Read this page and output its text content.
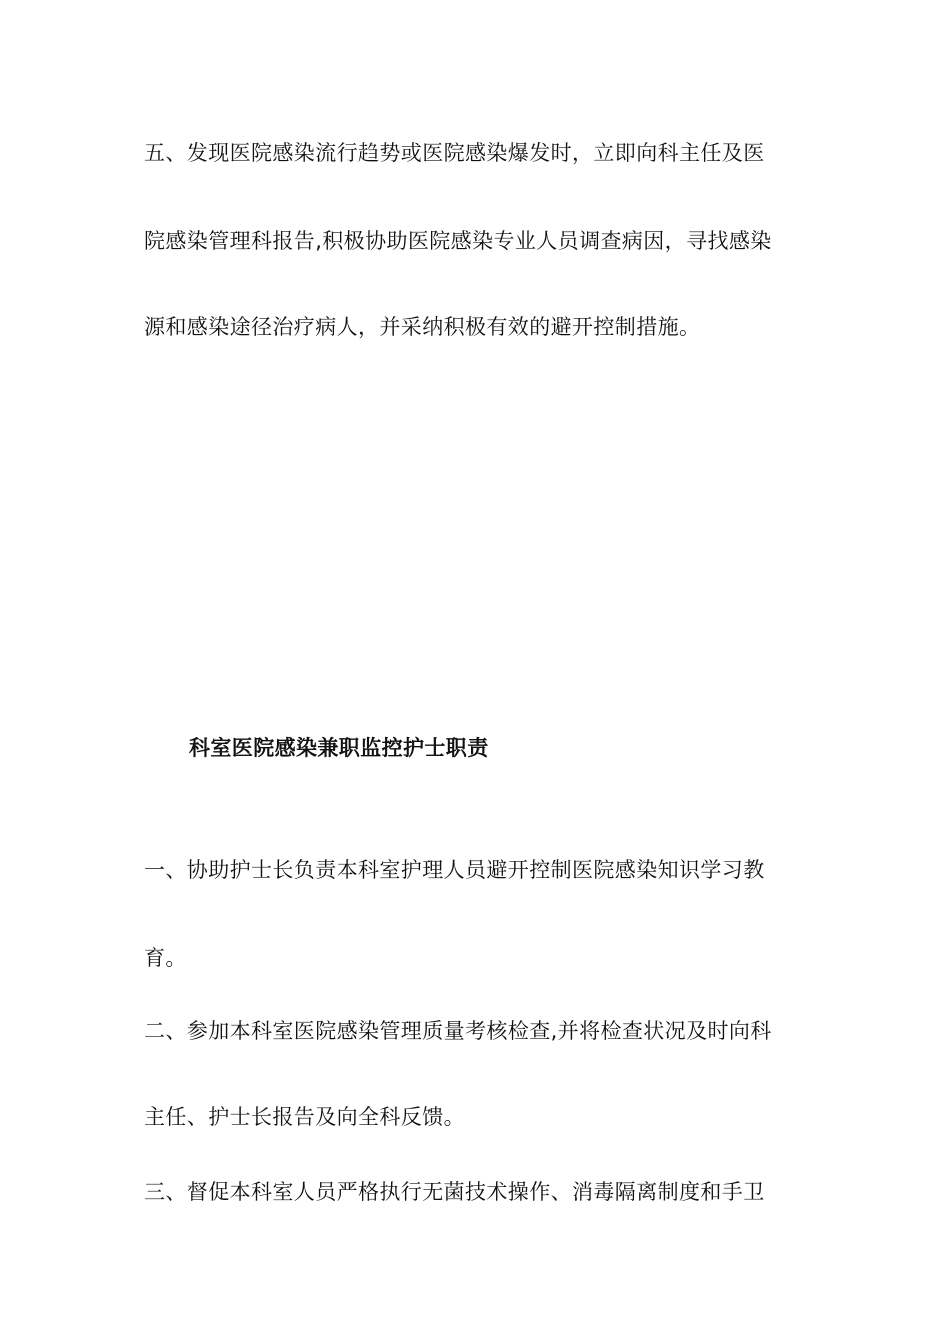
五、发现医院感染流行趋势或医院感染爆发时，立即向科主任及医
院感染管理科报告,积极协助医院感染专业人员调查病因，寻找感染
源和感染途径治疗病人，并采纳积极有效的避开控制措施。
科室医院感染兼职监控护士职责
一、协助护士长负责本科室护理人员避开控制医院感染知识学习教
育。
二、参加本科室医院感染管理质量考核检查,并将检查状况及时向科
主任、护士长报告及向全科反馈。
三、督促本科室人员严格执行无菌技术操作、消毒隔离制度和手卫
